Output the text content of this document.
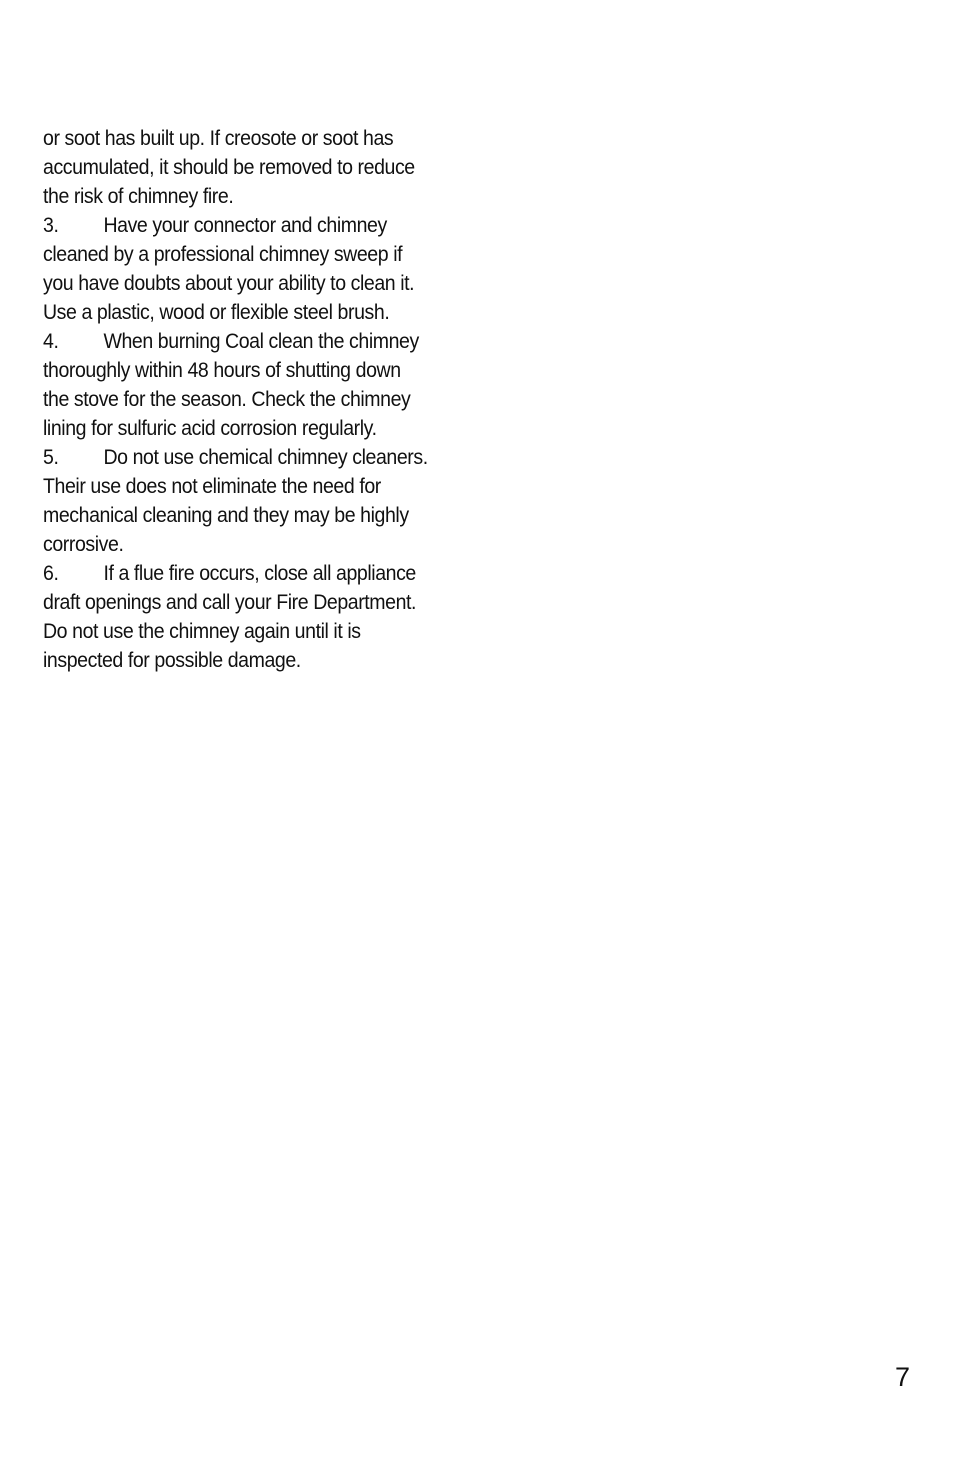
or soot has built up. If creosote or soot has
accumulated, it should be removed to reduce
the risk of chimney fire.
3. Have your connector and chimney
cleaned by a professional chimney sweep if
you have doubts about your ability to clean it.
Use a plastic, wood or flexible steel brush.
4. When burning Coal clean the chimney
thoroughly within 48 hours of shutting down
the stove for the season. Check the chimney
lining for sulfuric acid corrosion regularly.
5. Do not use chemical chimney cleaners.
Their use does not eliminate the need for
mechanical cleaning and they may be highly
corrosive.
6. If a flue fire occurs, close all appliance
draft openings and call your Fire Department.
Do not use the chimney again until it is
inspected for possible damage.
7
